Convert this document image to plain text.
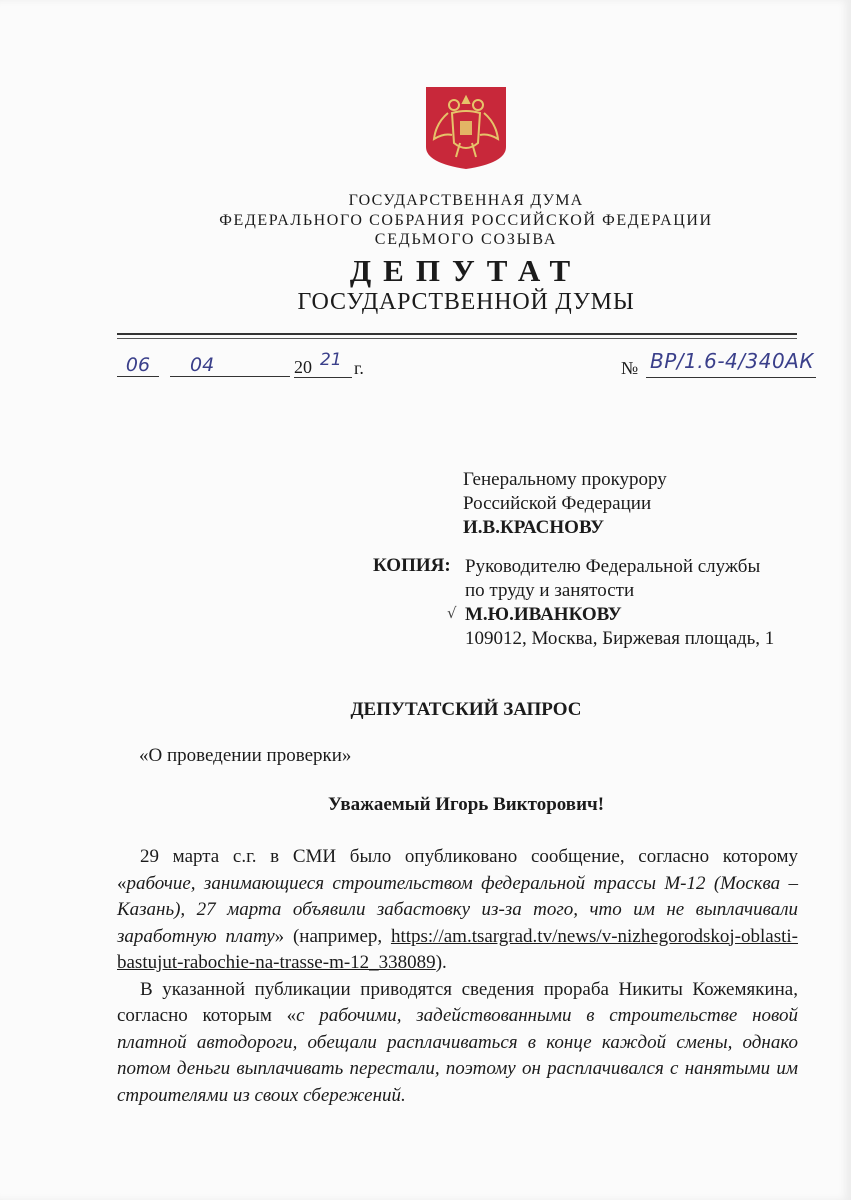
ГОСУДАРСТВЕННАЯ ДУМА
ФЕДЕРАЛЬНОГО СОБРАНИЯ РОССИЙСКОЙ ФЕДЕРАЦИИ
СЕДЬМОГО СОЗЫВА
ДЕПУТАТ
ГОСУДАРСТВЕННОЙ ДУМЫ
06	04	20 21 г.	№ ВР/1.6-4/340АК
Генеральному прокурору
Российской Федерации
И.В.КРАСНОВУ
КОПИЯ: Руководителю Федеральной службы
по труду и занятости
М.Ю.ИВАНКОВУ
109012, Москва, Биржевая площадь, 1
√
ДЕПУТАТСКИЙ ЗАПРОС
«О проведении проверки»
Уважаемый Игорь Викторович!

29 марта с.г. в СМИ было опубликовано сообщение, согласно которому «рабочие, занимающиеся строительством федеральной трассы М-12 (Москва – Казань), 27 марта объявили забастовку из-за того, что им не выплачивали заработную плату» (например, https://am.tsargrad.tv/news/v-nizhegorodskoj-oblasti-bastujut-rabochie-na-trasse-m-12_338089).

В указанной публикации приводятся сведения прораба Никиты Кожемякина, согласно которым «с рабочими, задействованными в строительстве новой платной автодороги, обещали расплачиваться в конце каждой смены, однако потом деньги выплачивать перестали, поэтому он расплачивался с нанятыми им строителями из своих сбережений.
